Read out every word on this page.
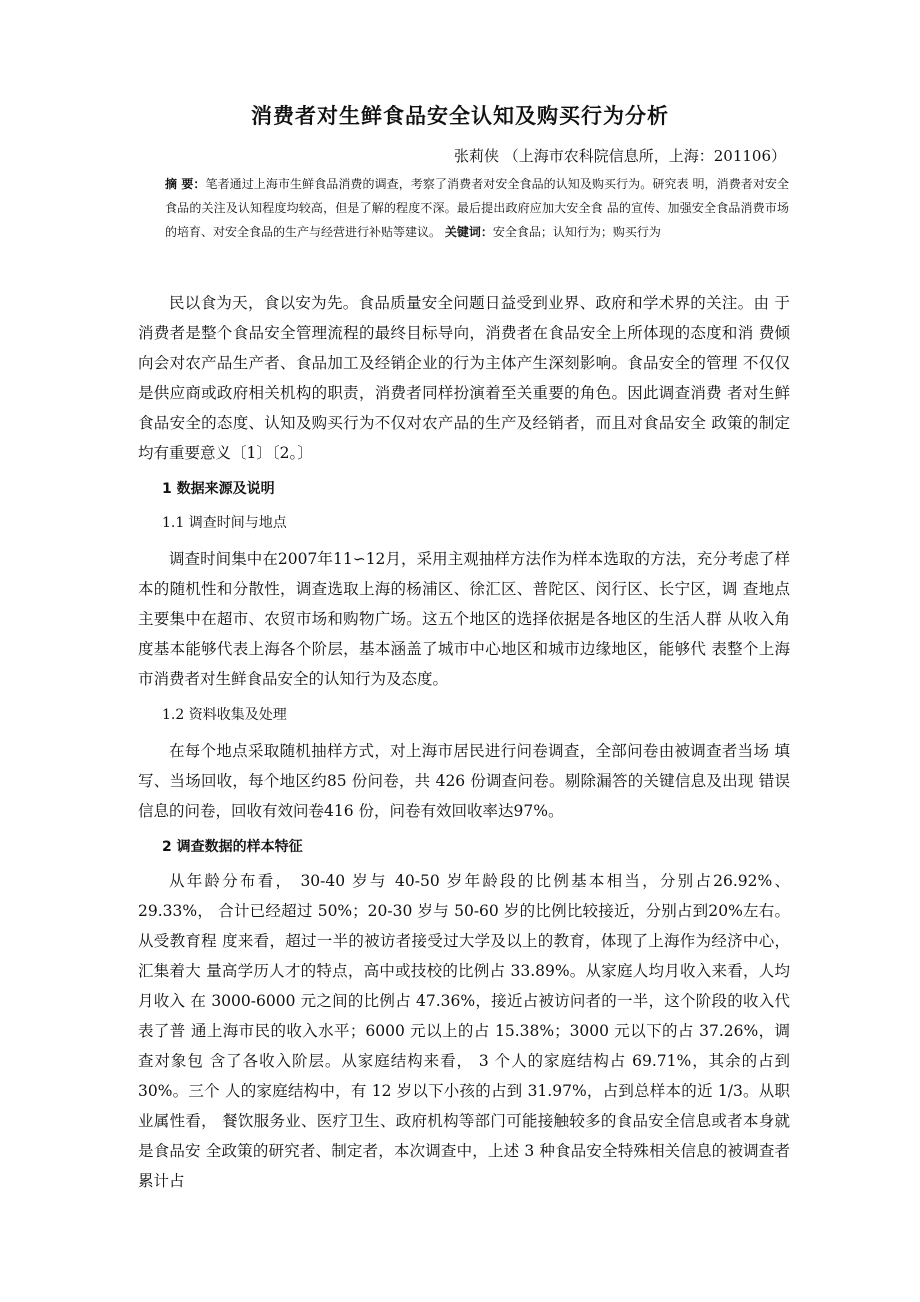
消费者对生鲜食品安全认知及购买行为分析
张莉侠 （上海市农科院信息所，上海：201106）
摘 要：笔者通过上海市生鲜食品消费的调查，考察了消费者对安全食品的认知及购买行为。研究表 明，消费者对安全食品的关注及认知程度均较高，但是了解的程度不深。最后提出政府应加大安全食 品的宣传、加强安全食品消费市场的培育、对安全食品的生产与经营进行补贴等建议。 关键词：安全食品；认知行为；购买行为

民以食为天，食以安为先。食品质量安全问题日益受到业界、政府和学术界的关注。由 于消费者是整个食品安全管理流程的最终目标导向，消费者在食品安全上所体现的态度和消 费倾向会对农产品生产者、食品加工及经销企业的行为主体产生深刻影响。食品安全的管理 不仅仅是供应商或政府相关机构的职责，消费者同样扮演着至关重要的角色。因此调查消费 者对生鲜食品安全的态度、认知及购买行为不仅对农产品的生产及经销者，而且对食品安全 政策的制定均有重要意义〔1〕〔2。〕

1 数据来源及说明
1.1 调查时间与地点

调查时间集中在2007年11∽12月，采用主观抽样方法作为样本选取的方法，充分考虑了样本的随机性和分散性，调查选取上海的杨浦区、徐汇区、普陀区、闵行区、长宁区，调 查地点主要集中在超市、农贸市场和购物广场。这五个地区的选择依据是各地区的生活人群 从收入角度基本能够代表上海各个阶层，基本涵盖了城市中心地区和城市边缘地区，能够代 表整个上海市消费者对生鲜食品安全的认知行为及态度。

1.2 资料收集及处理

在每个地点采取随机抽样方式，对上海市居民进行问卷调查，全部问卷由被调查者当场 填写、当场回收，每个地区约85 份问卷，共 426 份调查问卷。剔除漏答的关键信息及出现 错误信息的问卷，回收有效问卷416 份，问卷有效回收率达97%。

2 调查数据的样本特征

从年龄分布看， 30-40 岁与 40-50 岁年龄段的比例基本相当，分别占26.92%、29.33%， 合计已经超过 50%；20-30 岁与 50-60 岁的比例比较接近，分别占到20%左右。从受教育程 度来看，超过一半的被访者接受过大学及以上的教育，体现了上海作为经济中心，汇集着大 量高学历人才的特点，高中或技校的比例占 33.89%。从家庭人均月收入来看，人均月收入 在 3000-6000 元之间的比例占 47.36%，接近占被访问者的一半，这个阶段的收入代表了普 通上海市民的收入水平；6000 元以上的占 15.38%；3000 元以下的占 37.26%，调查对象包 含了各收入阶层。从家庭结构来看， 3 个人的家庭结构占 69.71%，其余的占到 30%。三个 人的家庭结构中，有 12 岁以下小孩的占到 31.97%，占到总样本的近 1/3。从职业属性看， 餐饮服务业、医疗卫生、政府机构等部门可能接触较多的食品安全信息或者本身就是食品安 全政策的研究者、制定者，本次调查中，上述 3 种食品安全特殊相关信息的被调查者累计占
